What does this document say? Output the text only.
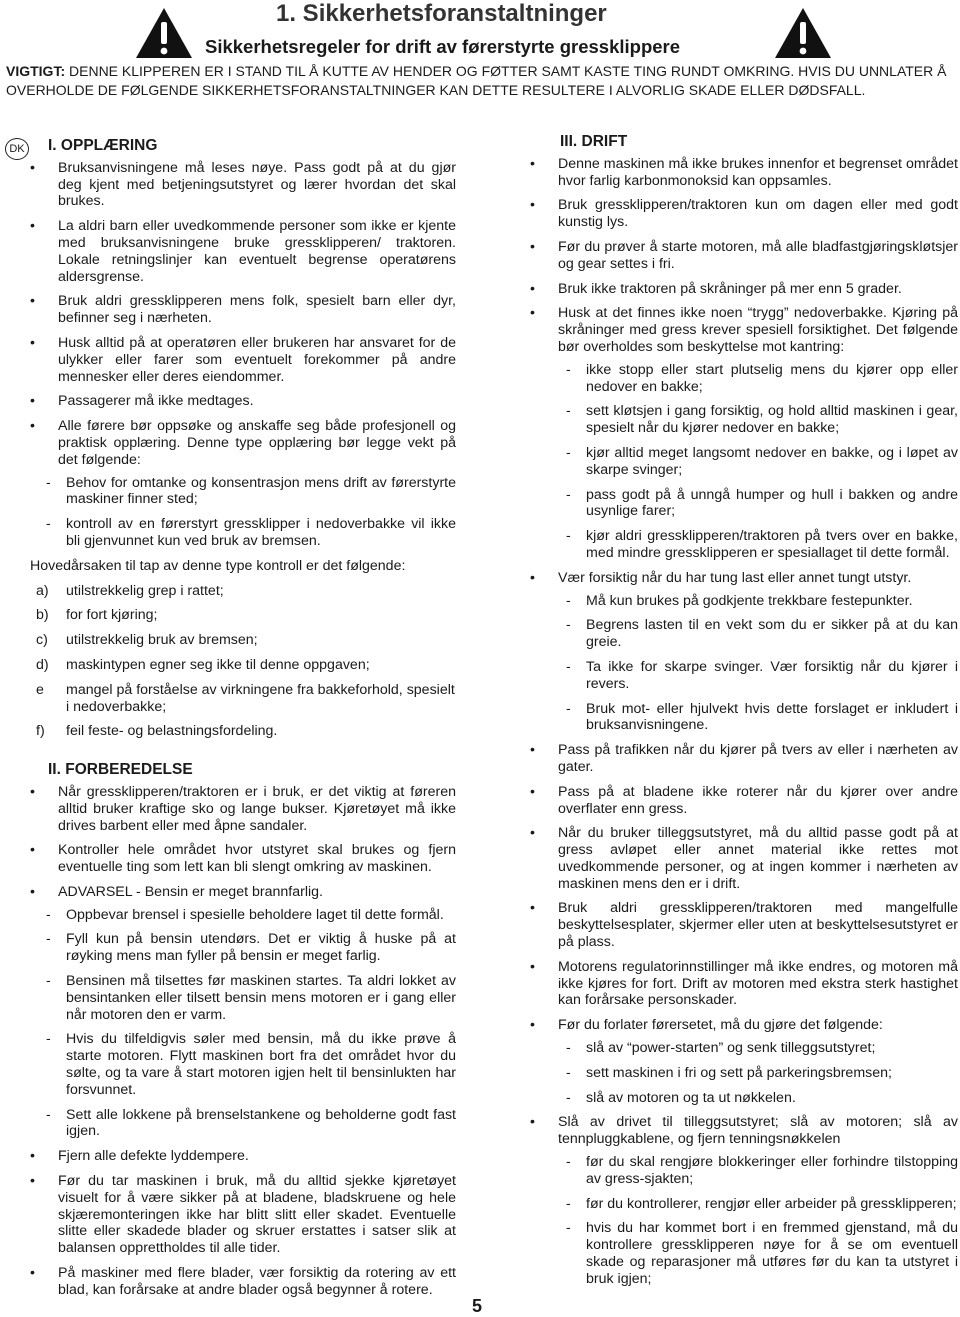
1. Sikkerhetsforanstaltninger
Sikkerhetsregeler for drift av førerstyrte gressklippere
VIGTIGT: DENNE KLIPPEREN ER I STAND TIL Å KUTTE AV HENDER OG FØTTER SAMT KASTE TING RUNDT OMKRING. HVIS DU UNNLATER Å OVERHOLDE DE FØLGENDE SIKKERHETSFORANSTALTNINGER KAN DETTE RESULTERE I ALVORLIG SKADE ELLER DØDSFALL.
DK I. OPPLÆRING
• Bruksanvisningene må leses nøye. Pass godt på at du gjør deg kjent med betjeningsutstyret og lærer hvordan det skal brukes.
• La aldri barn eller uvedkommende personer som ikke er kjente med bruksanvisningene bruke gressklipperen/ traktoren. Lokale retningslinjer kan eventuelt begrense operatørens aldersgrense.
• Bruk aldri gressklipperen mens folk, spesielt barn eller dyr, befinner seg i nærheten.
• Husk alltid på at operatøren eller brukeren har ansvaret for de ulykker eller farer som eventuelt forekommer på andre mennesker eller deres eiendommer.
• Passagerer må ikke medtages.
• Alle førere bør oppsøke og anskaffe seg både profesjonell og praktisk opplæring. Denne type opplæring bør legge vekt på det følgende:
- Behov for omtanke og konsentrasjon mens drift av førerstyrte maskiner finner sted;
- kontroll av en førerstyrt gressklipper i nedoverbakke vil ikke bli gjenvunnet kun ved bruk av bremsen.
Hovedårsaken til tap av denne type kontroll er det følgende:
a) utilstrekkelig grep i rattet;
b) for fort kjøring;
c) utilstrekkelig bruk av bremsen;
d) maskintypen egner seg ikke til denne oppgaven;
e mangel på forståelse av virkningene fra bakkeforhold, spesielt i nedoverbakke;
f) feil feste- og belastningsfordeling.
II. FORBEREDELSE
• Når gressklipperen/traktoren er i bruk, er det viktig at føreren alltid bruker kraftige sko og lange bukser. Kjøretøyet må ikke drives barbent eller med åpne sandaler.
• Kontroller hele området hvor utstyret skal brukes og fjern eventuelle ting som lett kan bli slengt omkring av maskinen.
• ADVARSEL - Bensin er meget brannfarlig.
- Oppbevar brensel i spesielle beholdere laget til dette formål.
- Fyll kun på bensin utendørs. Det er viktig å huske på at røyking mens man fyller på bensin er meget farlig.
- Bensinen må tilsettes før maskinen startes. Ta aldri lokket av bensintanken eller tilsett bensin mens motoren er i gang eller når motoren den er varm.
- Hvis du tilfeldigvis søler med bensin, må du ikke prøve å starte motoren. Flytt maskinen bort fra det området hvor du sølte, og ta vare å start motoren igjen helt til bensinlukten har forsvunnet.
- Sett alle lokkene på brenselstankene og beholderne godt fast igjen.
• Fjern alle defekte lyddempere.
• Før du tar maskinen i bruk, må du alltid sjekke kjøretøyet visuelt for å være sikker på at bladene, bladskruene og hele skjæremonteringen ikke har blitt slitt eller skadet. Eventuelle slitte eller skadede blader og skruer erstattes i satser slik at balansen opprettholdes til alle tider.
• På maskiner med flere blader, vær forsiktig da rotering av ett blad, kan forårsake at andre blader også begynner å rotere.
III. DRIFT
• Denne maskinen må ikke brukes innenfor et begrenset området hvor farlig karbonmonoksid kan oppsamles.
• Bruk gressklipperen/traktoren kun om dagen eller med godt kunstig lys.
• Før du prøver å starte motoren, må alle bladfastgjøringskløtsjer og gear settes i fri.
• Bruk ikke traktoren på skråninger på mer enn 5 grader.
• Husk at det finnes ikke noen “trygg” nedoverbakke. Kjøring på skråninger med gress krever spesiell forsiktighet. Det følgende bør overholdes som beskyttelse mot kantring:
- ikke stopp eller start plutselig mens du kjører opp eller nedover en bakke;
- sett kløtsjen i gang forsiktig, og hold alltid maskinen i gear, spesielt når du kjører nedover en bakke;
- kjør alltid meget langsomt nedover en bakke, og i løpet av skarpe svinger;
- pass godt på å unngå humper og hull i bakken og andre usynlige farer;
- kjør aldri gressklipperen/traktoren på tvers over en bakke, med mindre gressklipperen er spesiallaget til dette formål.
• Vær forsiktig når du har tung last eller annet tungt utstyr.
- Må kun brukes på godkjente trekkbare festepunkter.
- Begrens lasten til en vekt som du er sikker på at du kan greie.
- Ta ikke for skarpe svinger. Vær forsiktig når du kjører i revers.
- Bruk mot- eller hjulvekt hvis dette forslaget er inkludert i bruksanvisningene.
• Pass på trafikken når du kjører på tvers av eller i nærheten av gater.
• Pass på at bladene ikke roterer når du kjører over andre overflater enn gress.
• Når du bruker tilleggsutstyret, må du alltid passe godt på at gress avløpet eller annet material ikke rettes mot uvedkommende personer, og at ingen kommer i nærheten av maskinen mens den er i drift.
• Bruk aldri gressklipperen/traktoren med mangelfulle beskyttelsesplater, skjermer eller uten at beskyttelsesutstyret er på plass.
• Motorens regulatorinnstillinger må ikke endres, og motoren må ikke kjøres for fort. Drift av motoren med ekstra sterk hastighet kan forårsake personskader.
• Før du forlater førersetet, må du gjøre det følgende:
- slå av “power-starten” og senk tilleggsutstyret;
- sett maskinen i fri og sett på parkeringsbremsen;
- slå av motoren og ta ut nøkkelen.
• Slå av drivet til tilleggsutstyret; slå av motoren; slå av tennpluggkablene, og fjern tenningsnøkkelen
- før du skal rengjøre blokkeringer eller forhindre tilstopping av gress-sjakten;
- før du kontrollerer, rengjør eller arbeider på gressklipperen;
- hvis du har kommet bort i en fremmed gjenstand, må du kontrollere gressklipperen nøye for å se om eventuell skade og reparasjoner må utføres før du kan ta utstyret i bruk igjen;
5
